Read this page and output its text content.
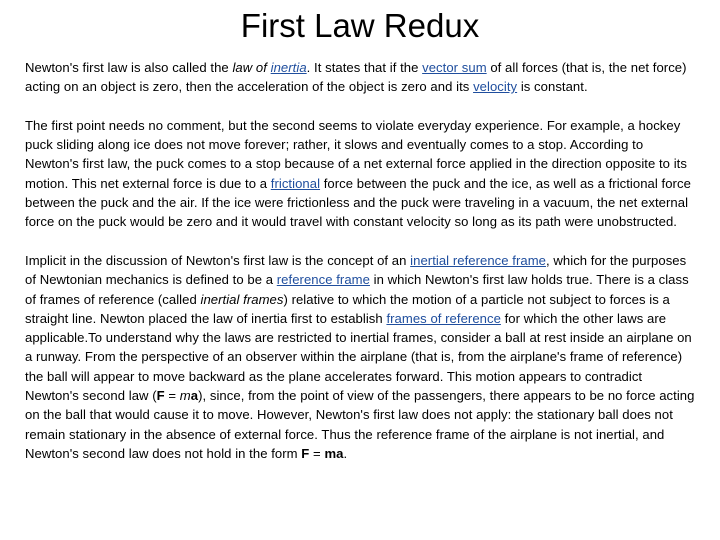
First Law Redux

Newton's first law is also called the law of inertia. It states that if the vector sum of all forces (that is, the net force) acting on an object is zero, then the acceleration of the object is zero and its velocity is constant.

The first point needs no comment, but the second seems to violate everyday experience. For example, a hockey puck sliding along ice does not move forever; rather, it slows and eventually comes to a stop. According to Newton's first law, the puck comes to a stop because of a net external force applied in the direction opposite to its motion. This net external force is due to a frictional force between the puck and the ice, as well as a frictional force between the puck and the air. If the ice were frictionless and the puck were traveling in a vacuum, the net external force on the puck would be zero and it would travel with constant velocity so long as its path were unobstructed.

Implicit in the discussion of Newton's first law is the concept of an inertial reference frame, which for the purposes of Newtonian mechanics is defined to be a reference frame in which Newton's first law holds true. There is a class of frames of reference (called inertial frames) relative to which the motion of a particle not subject to forces is a straight line. Newton placed the law of inertia first to establish frames of reference for which the other laws are applicable.To understand why the laws are restricted to inertial frames, consider a ball at rest inside an airplane on a runway. From the perspective of an observer within the airplane (that is, from the airplane's frame of reference) the ball will appear to move backward as the plane accelerates forward. This motion appears to contradict Newton's second law (F = ma), since, from the point of view of the passengers, there appears to be no force acting on the ball that would cause it to move. However, Newton's first law does not apply: the stationary ball does not remain stationary in the absence of external force. Thus the reference frame of the airplane is not inertial, and Newton's second law does not hold in the form F = ma.
